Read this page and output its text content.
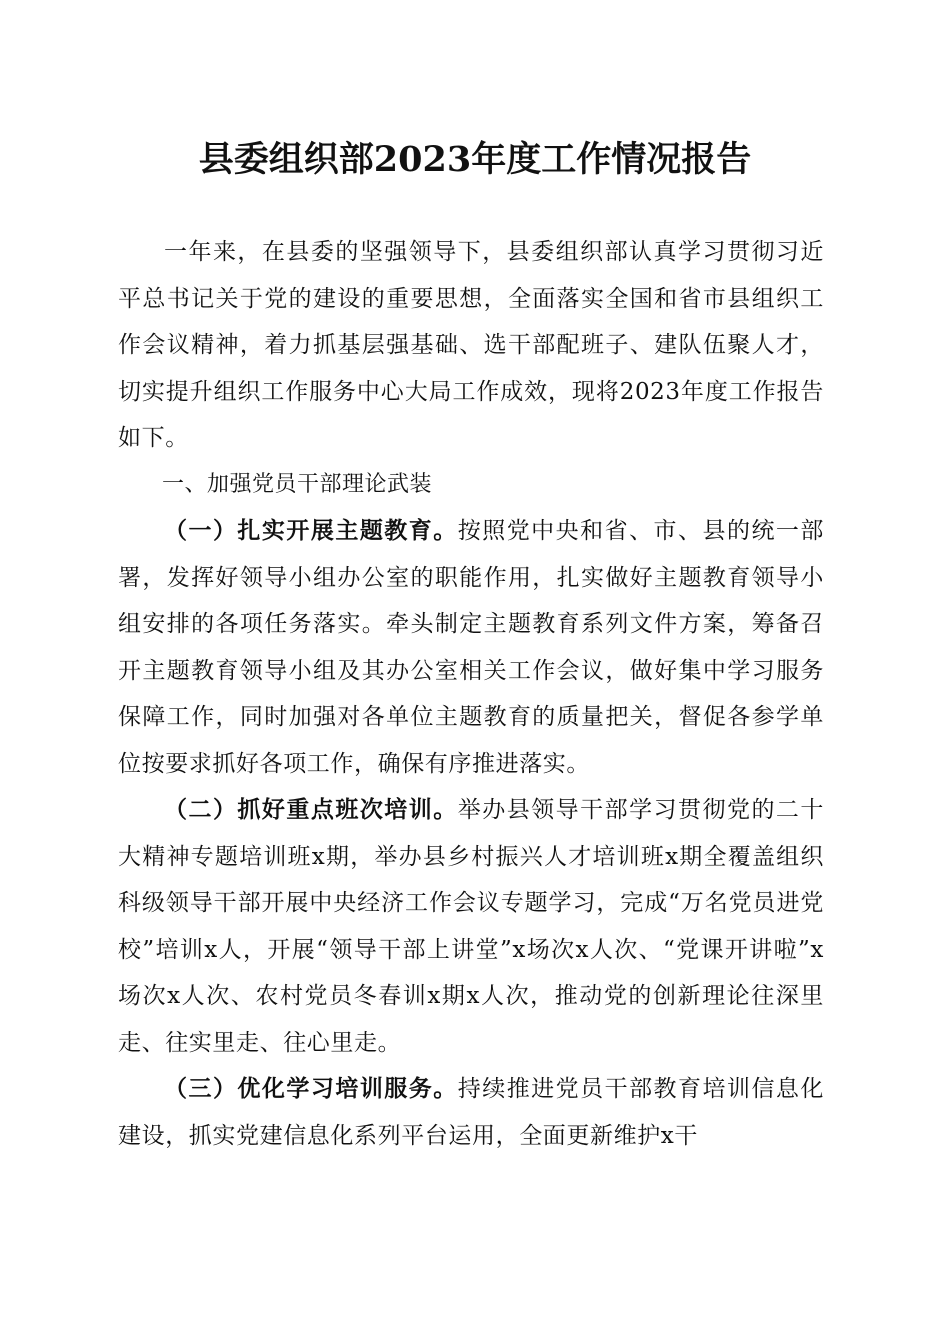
县委组织部2023年度工作情况报告

一年来，在县委的坚强领导下，县委组织部认真学习贯彻习近平总书记关于党的建设的重要思想，全面落实全国和省市县组织工作会议精神，着力抓基层强基础、选干部配班子、建队伍聚人才，切实提升组织工作服务中心大局工作成效，现将2023年度工作报告如下。

一、加强党员干部理论武装

（一）扎实开展主题教育。按照党中央和省、市、县的统一部署，发挥好领导小组办公室的职能作用，扎实做好主题教育领导小组安排的各项任务落实。牵头制定主题教育系列文件方案，筹备召开主题教育领导小组及其办公室相关工作会议，做好集中学习服务保障工作，同时加强对各单位主题教育的质量把关，督促各参学单位按要求抓好各项工作，确保有序推进落实。

（二）抓好重点班次培训。举办县领导干部学习贯彻党的二十大精神专题培训班x期，举办县乡村振兴人才培训班x期全覆盖组织科级领导干部开展中央经济工作会议专题学习，完成“万名党员进党校”培训x人，开展“领导干部上讲堂”x场次x人次、“党课开讲啦”x场次x人次、农村党员冬春训x期x人次，推动党的创新理论往深里走、往实里走、往心里走。

（三）优化学习培训服务。持续推进党员干部教育培训信息化建设，抓实党建信息化系列平台运用，全面更新维护x干
